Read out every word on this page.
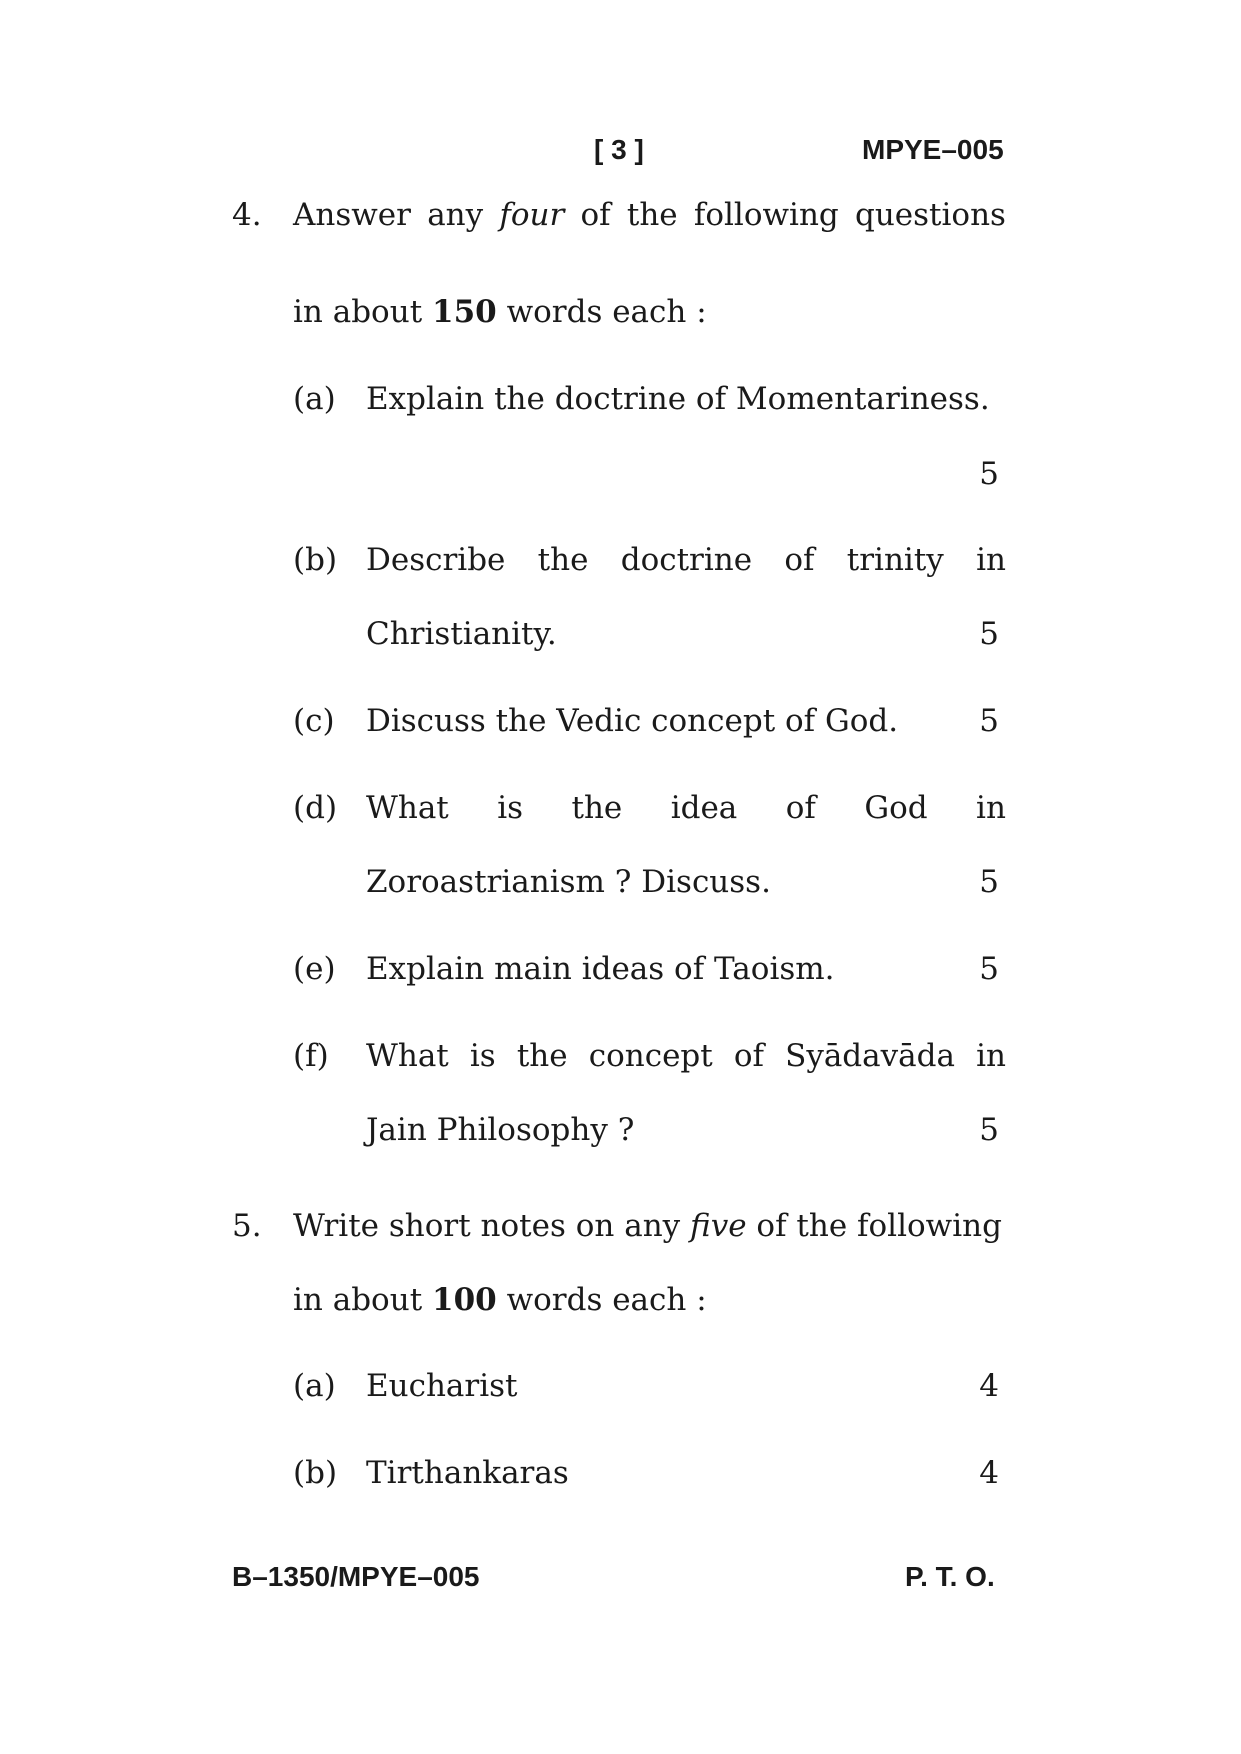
[ 3 ]	MPYE–005
4. Answer any four of the following questions
in about 150 words each :
(a) Explain the doctrine of Momentariness.
5
(b) Describe the doctrine of trinity in
Christianity.	5
(c) Discuss the Vedic concept of God.	5
(d) What is the idea of God in
Zoroastrianism ? Discuss.	5
(e) Explain main ideas of Taoism.	5
(f) What is the concept of Syādavāda in
Jain Philosophy ?	5
5. Write short notes on any five of the following
in about 100 words each :
(a) Eucharist	4
(b) Tirthankaras	4
B–1350/MPYE–005	P. T. O.
